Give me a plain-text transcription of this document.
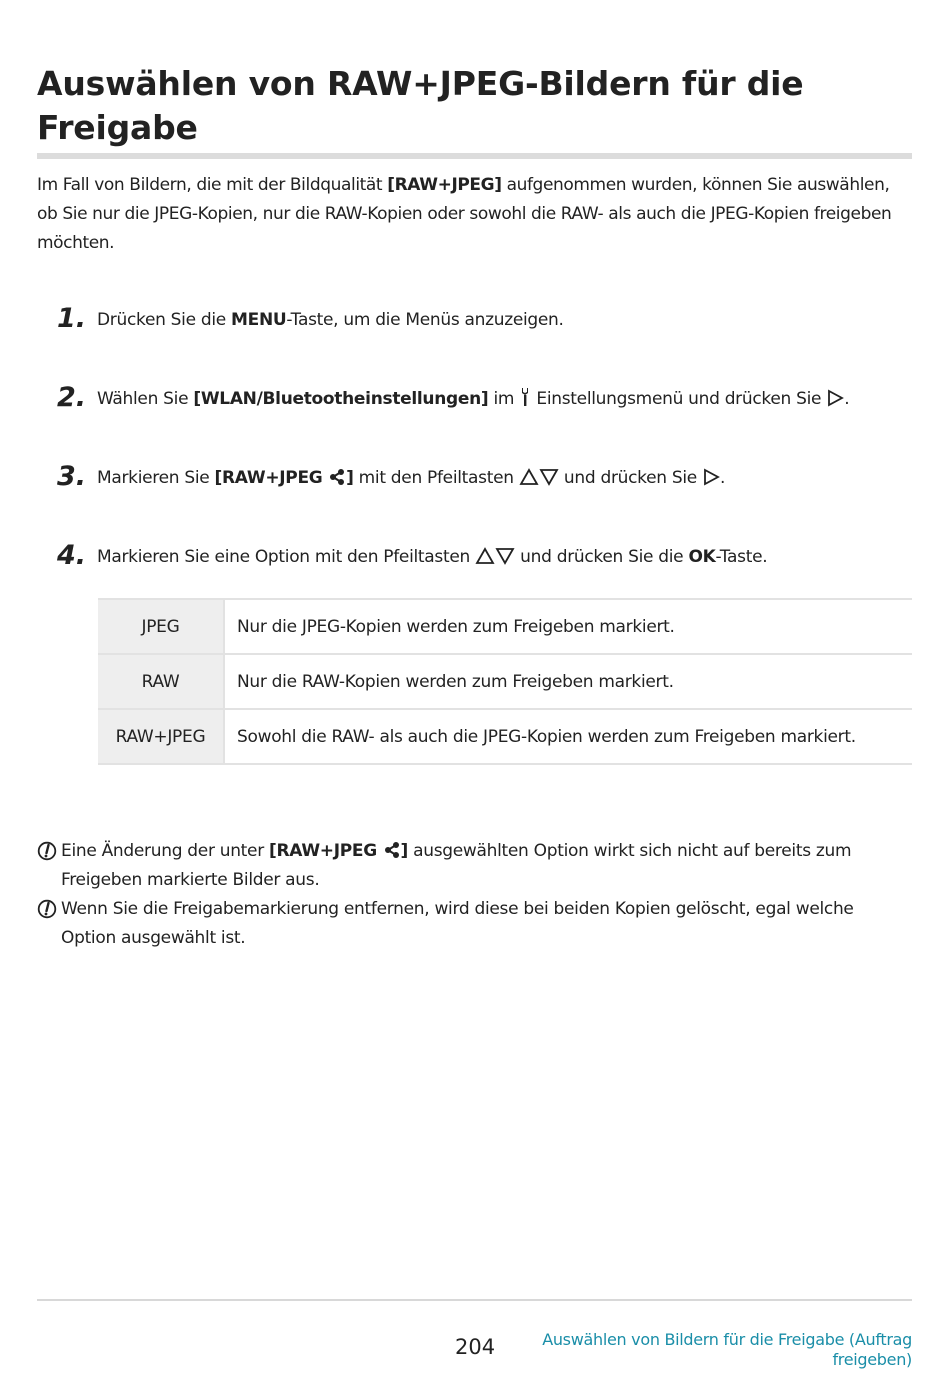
Auswählen von RAW+JPEG-Bildern für die Freigabe
Im Fall von Bildern, die mit der Bildqualität [RAW+JPEG] aufgenommen wurden, können Sie auswählen, ob Sie nur die JPEG-Kopien, nur die RAW-Kopien oder sowohl die RAW- als auch die JPEG-Kopien freigeben möchten.
1. Drücken Sie die MENU-Taste, um die Menüs anzuzeigen.
2. Wählen Sie [WLAN/Bluetootheinstellungen] im  Einstellungsmenü und drücken Sie .
3. Markieren Sie [RAW+JPEG ] mit den Pfeiltasten  und drücken Sie .
4. Markieren Sie eine Option mit den Pfeiltasten  und drücken Sie die OK-Taste.
JPEG	Nur die JPEG-Kopien werden zum Freigeben markiert.
RAW	Nur die RAW-Kopien werden zum Freigeben markiert.
RAW+JPEG	Sowohl die RAW- als auch die JPEG-Kopien werden zum Freigeben markiert.
Eine Änderung der unter [RAW+JPEG ] ausgewählten Option wirkt sich nicht auf bereits zum Freigeben markierte Bilder aus.
Wenn Sie die Freigabemarkierung entfernen, wird diese bei beiden Kopien gelöscht, egal welche Option ausgewählt ist.
204	Auswählen von Bildern für die Freigabe (Auftrag freigeben)
